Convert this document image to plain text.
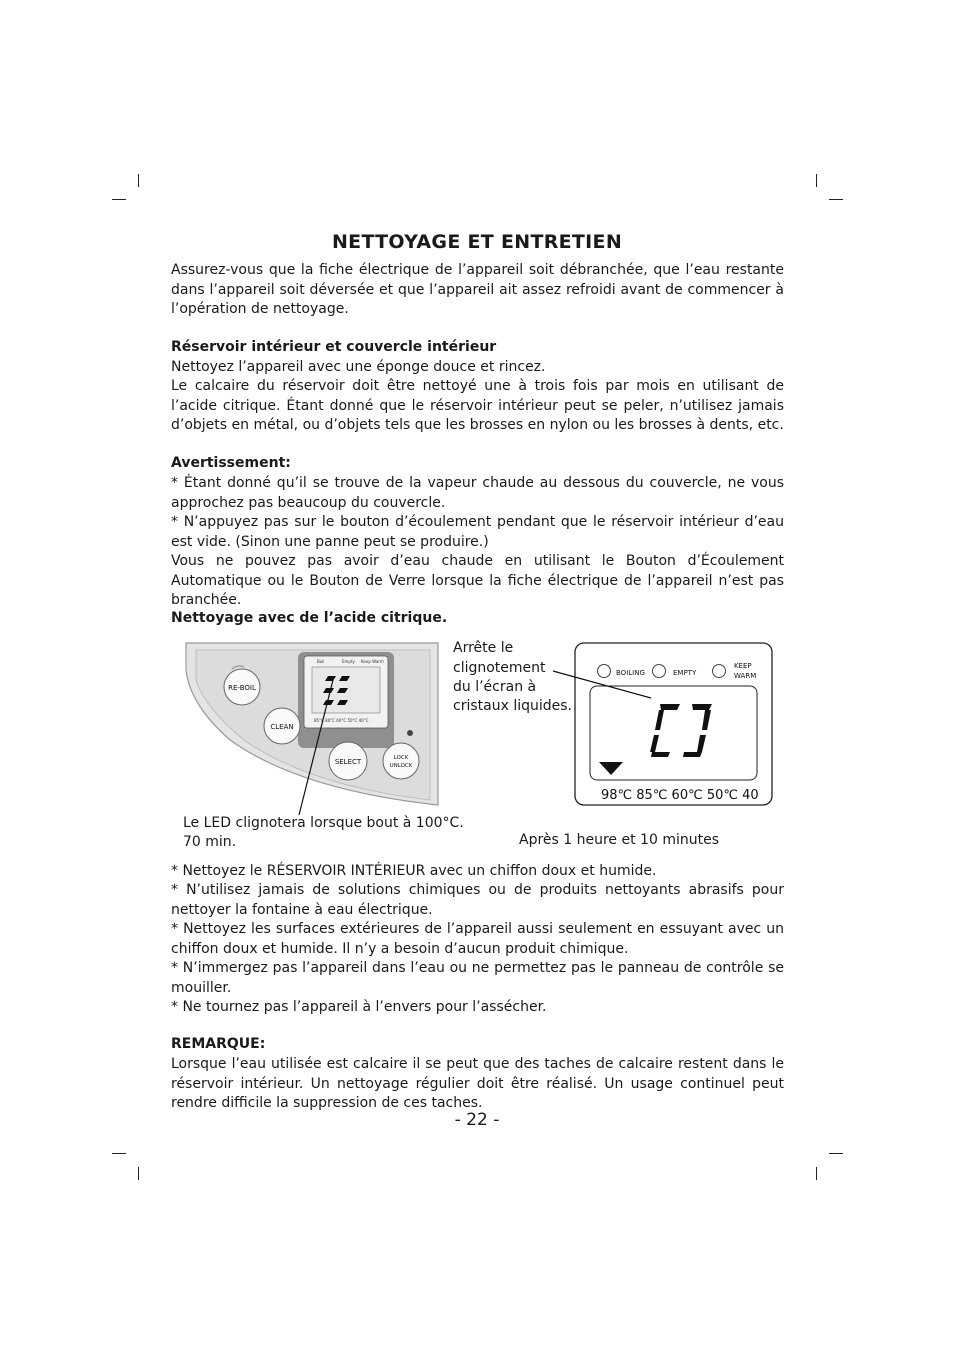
NETTOYAGE ET ENTRETIEN

Assurez-vous que la fiche électrique de l’appareil soit débranchée, que l’eau restante dans l’appareil soit déversée et que l’appareil ait assez refroidi avant de commencer à l’opération de nettoyage.

Réservoir intérieur et couvercle intérieur

Nettoyez l’appareil avec une éponge douce et rincez.

Le calcaire du réservoir doit être nettoyé une à trois fois par mois en utilisant de l’acide citrique. Étant donné que le réservoir intérieur peut se peler, n’utilisez jamais d’objets en métal, ou d’objets tels que les brosses en nylon ou les brosses à dents, etc.

Avertissement:

* Étant donné qu’il se trouve de la vapeur chaude au dessous du couvercle, ne vous approchez pas beaucoup du couvercle.

* N’appuyez pas sur le bouton d’écoulement pendant que le réservoir intérieur d’eau est vide. (Sinon une panne peut se produire.)

Vous ne pouvez pas avoir d’eau chaude en utilisant le Bouton d’Écoulement Automatique ou le Bouton de Verre lorsque la fiche électrique de l’appareil n’est pas branchée.

Nettoyage avec de l’acide citrique.

Boil	Empty Keep Warm
85°C 80°C 60°C 50°C 40°C
RE-BOIL
CLEAN
SELECT	LOCK
UNLOCK
BOILING	EMPTY
KEEP
WARM
98℃ 85℃ 60℃ 50℃ 40

Arrête le

clignotement

du l’écran à

cristaux liquides.

Le LED clignotera lorsque bout à 100°C.

70 min.	Après 1 heure et 10 minutes

* Nettoyez le RÉSERVOIR INTÉRIEUR avec un chiffon doux et humide.

* N’utilisez jamais de solutions chimiques ou de produits nettoyants abrasifs pour nettoyer la fontaine à eau électrique.

* Nettoyez les surfaces extérieures de l’appareil aussi seulement en essuyant avec un chiffon doux et humide. Il n’y a besoin d’aucun produit chimique.

* N’immergez pas l’appareil dans l’eau ou ne permettez pas le panneau de contrôle se mouiller.

* Ne tournez pas l’appareil à l’envers pour l’assécher.

REMARQUE:

Lorsque l’eau utilisée est calcaire il se peut que des taches de calcaire restent dans le réservoir intérieur. Un nettoyage régulier doit être réalisé. Un usage continuel peut rendre difficile la suppression de ces taches.

- 22 -
